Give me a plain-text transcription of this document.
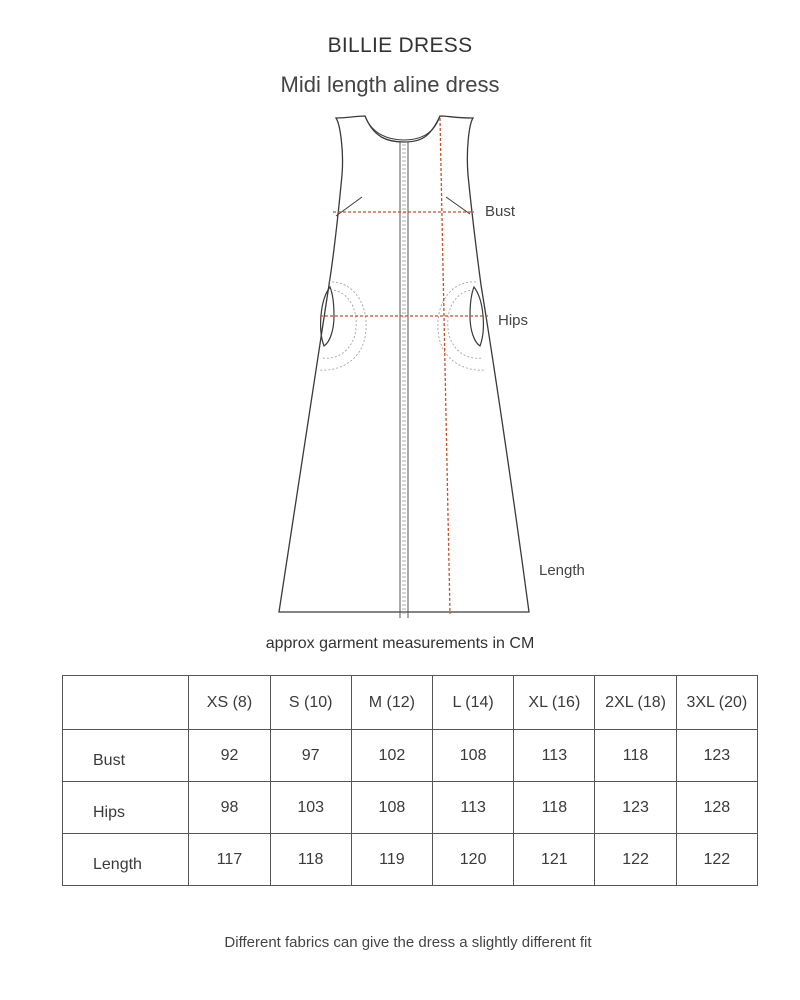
BILLIE DRESS
Midi length aline dress
Bust
Hips
Length
approx garment measurements in CM
	XS (8)	S (10)	M (12)	L (14)	XL (16)	2XL (18)	3XL (20)
Bust	92	97	102	108	113	118	123
Hips	98	103	108	113	118	123	128
Length	117	118	119	120	121	122	122
Different fabrics can give the dress a slightly different fit
